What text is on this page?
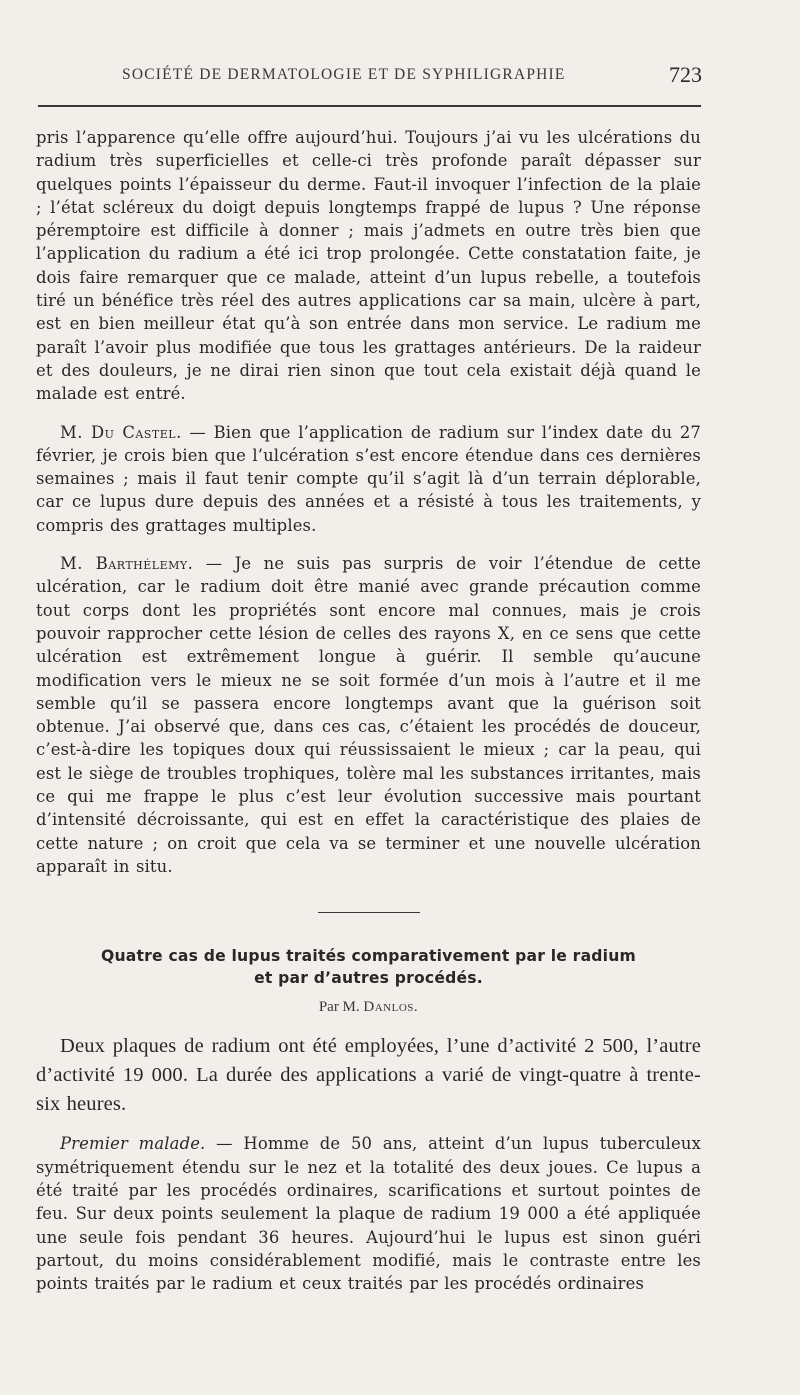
SOCIÉTÉ DE DERMATOLOGIE ET DE SYPHILIGRAPHIE	723

pris l’apparence qu’elle offre aujourd’hui. Toujours j’ai vu les ulcérations du radium très superficielles et celle-ci très profonde paraît dépasser sur quelques points l’épaisseur du derme. Faut-il invoquer l’infection de la plaie ; l’état scléreux du doigt depuis longtemps frappé de lupus ? Une réponse péremptoire est difficile à donner ; mais j’admets en outre très bien que l’application du radium a été ici trop prolongée. Cette constatation faite, je dois faire remarquer que ce malade, atteint d’un lupus rebelle, a toutefois tiré un bénéfice très réel des autres applications car sa main, ulcère à part, est en bien meilleur état qu’à son entrée dans mon service. Le radium me paraît l’avoir plus modifiée que tous les grattages antérieurs. De la raideur et des douleurs, je ne dirai rien sinon que tout cela existait déjà quand le malade est entré.

M. Du Castel. — Bien que l’application de radium sur l’index date du 27 février, je crois bien que l’ulcération s’est encore étendue dans ces dernières semaines ; mais il faut tenir compte qu’il s’agit là d’un terrain déplorable, car ce lupus dure depuis des années et a résisté à tous les traitements, y compris des grattages multiples.

M. Barthélemy. — Je ne suis pas surpris de voir l’étendue de cette ulcération, car le radium doit être manié avec grande précaution comme tout corps dont les propriétés sont encore mal connues, mais je crois pouvoir rapprocher cette lésion de celles des rayons X, en ce sens que cette ulcération est extrêmement longue à guérir. Il semble qu’aucune modification vers le mieux ne se soit formée d’un mois à l’autre et il me semble qu’il se passera encore longtemps avant que la guérison soit obtenue. J’ai observé que, dans ces cas, c’étaient les procédés de douceur, c’est-à-dire les topiques doux qui réussissaient le mieux ; car la peau, qui est le siège de troubles trophiques, tolère mal les substances irritantes, mais ce qui me frappe le plus c’est leur évolution successive mais pourtant d’intensité décroissante, qui est en effet la caractéristique des plaies de cette nature ; on croit que cela va se terminer et une nouvelle ulcération apparaît in situ.

Quatre cas de lupus traités comparativement par le radium
et par d’autres procédés.
Par M. Danlos.

Deux plaques de radium ont été employées, l’une d’activité 2 500, l’autre d’activité 19 000. La durée des applications a varié de vingt-quatre à trente-six heures.

Premier malade. — Homme de 50 ans, atteint d’un lupus tuberculeux symétriquement étendu sur le nez et la totalité des deux joues. Ce lupus a été traité par les procédés ordinaires, scarifications et surtout pointes de feu. Sur deux points seulement la plaque de radium 19 000 a été appliquée une seule fois pendant 36 heures. Aujourd’hui le lupus est sinon guéri partout, du moins considérablement modifié, mais le contraste entre les points traités par le radium et ceux traités par les procédés ordinaires
